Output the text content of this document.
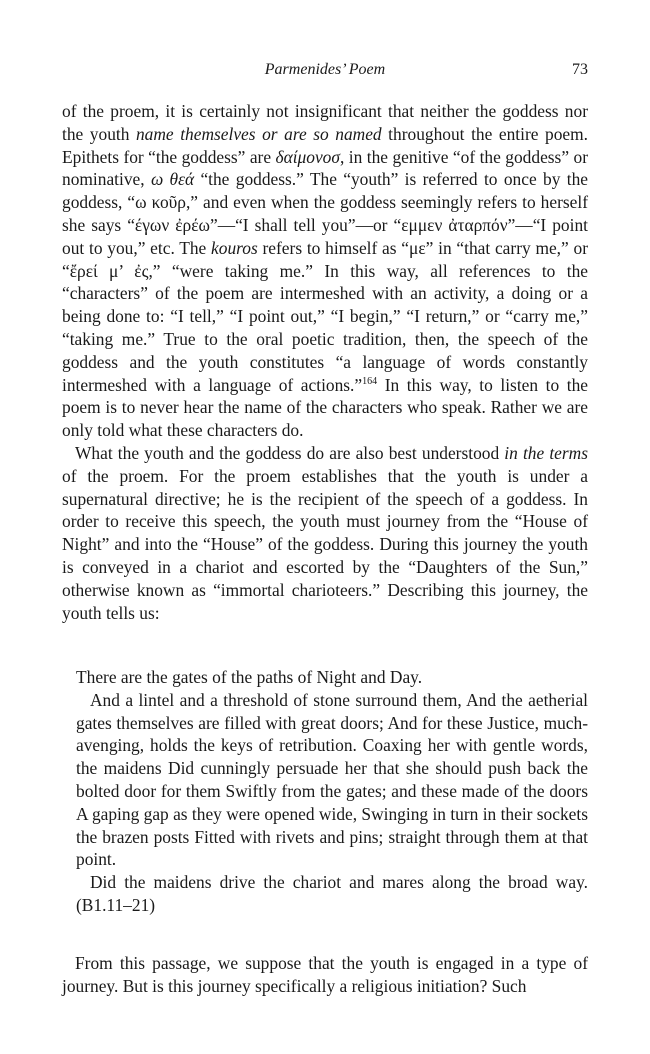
Parmenides’ Poem	73

of the proem, it is certainly not insignificant that neither the goddess nor the youth name themselves or are so named throughout the entire poem. Epithets for “the goddess” are δαίμονοσ, in the genitive “of the goddess” or nominative, ω θεά “the goddess.” The “youth” is referred to once by the goddess, “ω κοῦρ,” and even when the goddess seemingly refers to herself she says “έγων ἐρέω”—“I shall tell you”—or “εμμεν ἀταρπόν”—“I point out to you,” etc. The kouros refers to himself as “με” in “that carry me,” or “ἔρεί μ’ ἐς,” “were taking me.” In this way, all references to the “characters” of the poem are intermeshed with an activity, a doing or a being done to: “I tell,” “I point out,” “I begin,” “I return,” or “carry me,” “taking me.” True to the oral poetic tradition, then, the speech of the goddess and the youth constitutes “a language of words constantly intermeshed with a language of actions.”$^{164}$ In this way, to listen to the poem is to never hear the name of the characters who speak. Rather we are only told what these characters do.

What the youth and the goddess do are also best understood in the terms of the proem. For the proem establishes that the youth is under a supernatural directive; he is the recipient of the speech of a goddess. In order to receive this speech, the youth must journey from the “House of Night” and into the “House” of the goddess. During this journey the youth is conveyed in a chariot and escorted by the “Daughters of the Sun,” otherwise known as “immortal charioteers.” Describing this journey, the youth tells us:

There are the gates of the paths of Night and Day.

And a lintel and a threshold of stone surround them, And the aetherial gates themselves are filled with great doors; And for these Justice, much-avenging, holds the keys of retribution. Coaxing her with gentle words, the maidens Did cunningly persuade her that she should push back the bolted door for them Swiftly from the gates; and these made of the doors A gaping gap as they were opened wide, Swinging in turn in their sockets the brazen posts Fitted with rivets and pins; straight through them at that point.

Did the maidens drive the chariot and mares along the broad way. (B1.11–21)

From this passage, we suppose that the youth is engaged in a type of journey. But is this journey specifically a religious initiation? Such
